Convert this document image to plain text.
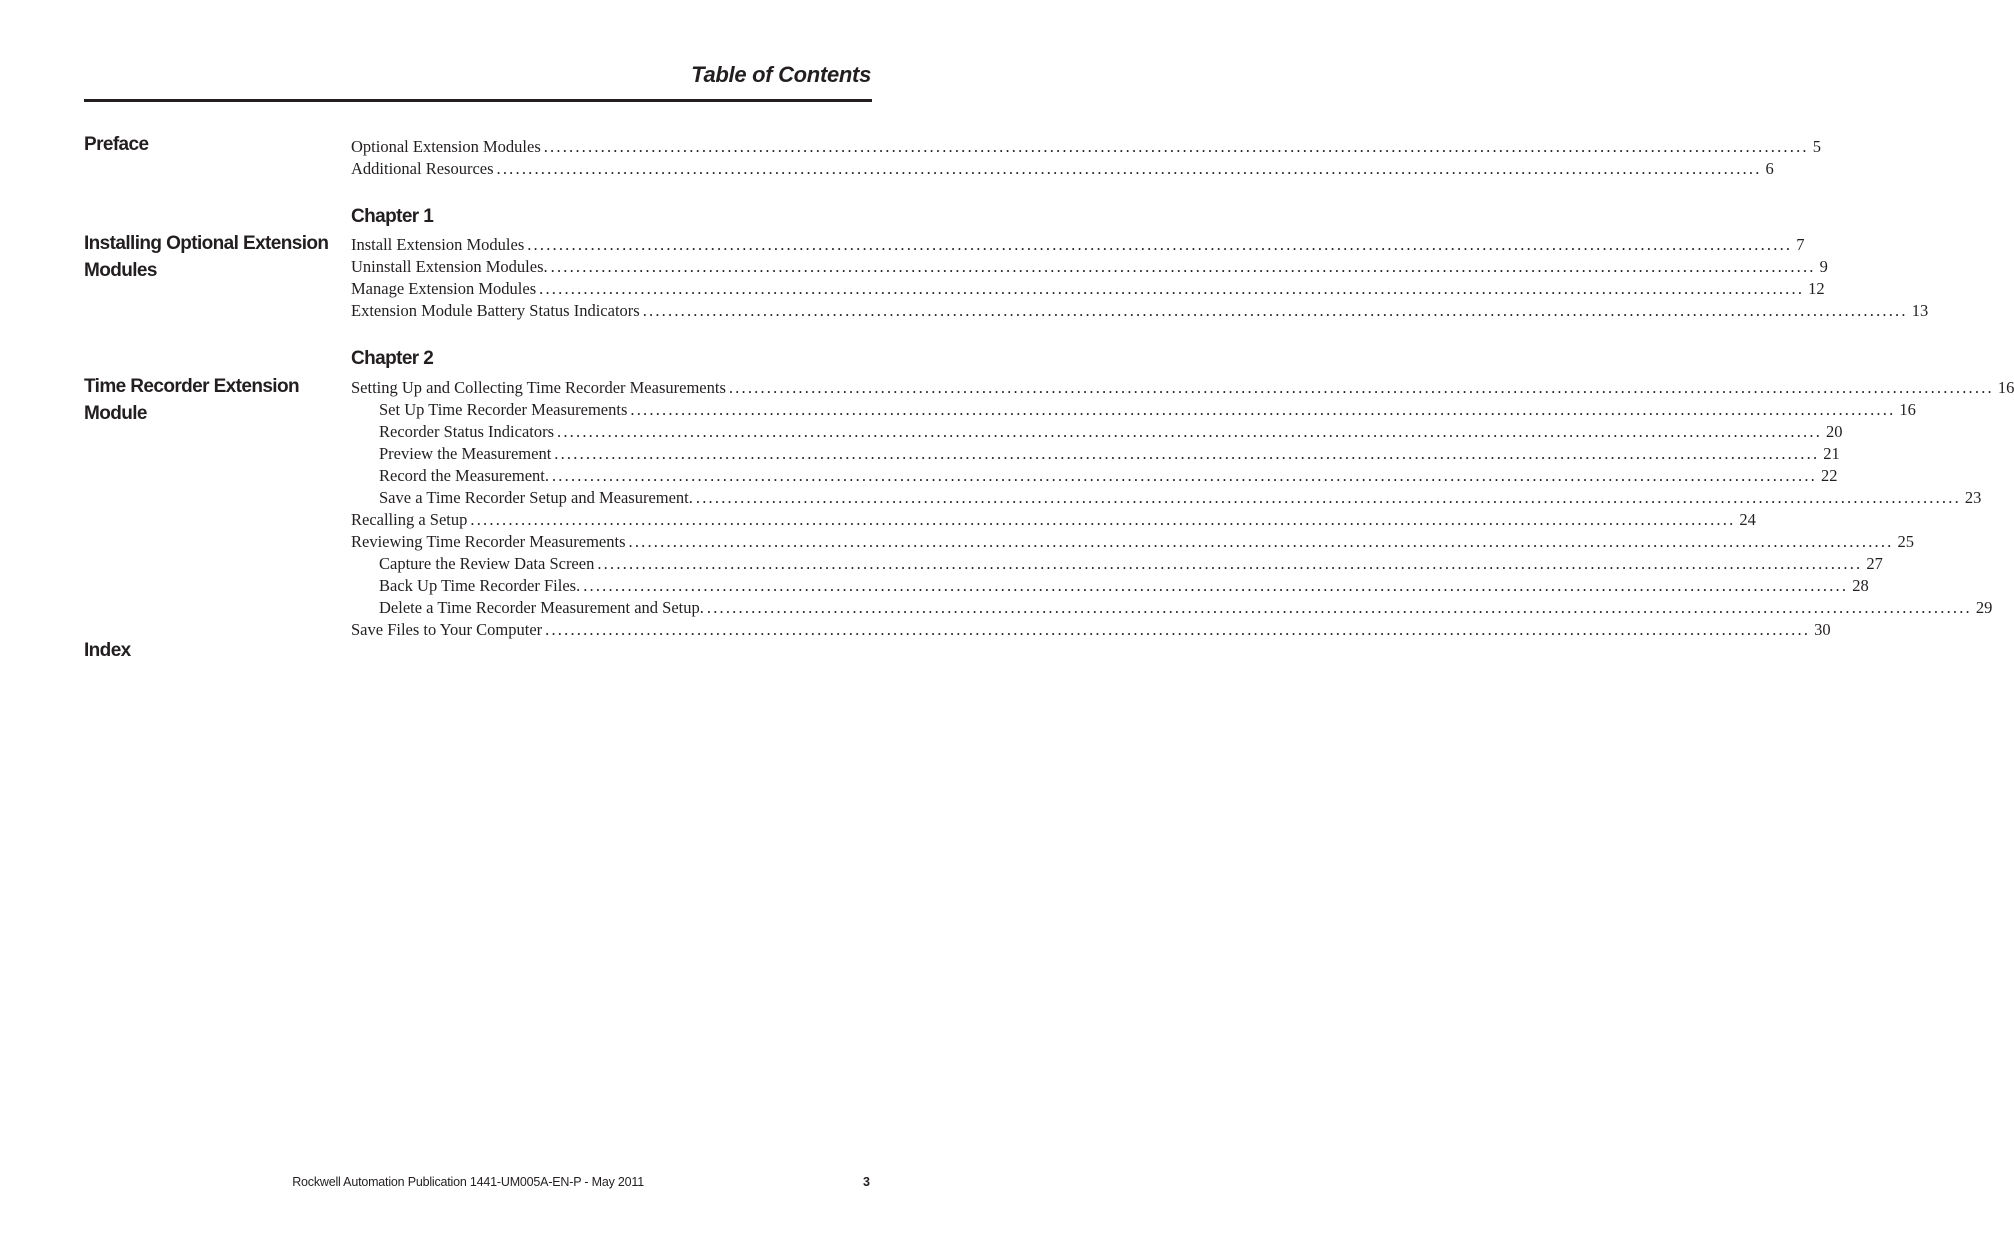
Table of Contents
Preface	Optional Extension Modules ........................................................................................................................................................................................................ 5
Additional Resources ........................................................................................................................................................................................................ 6
Chapter 1
Installing Optional Extension Modules
Install Extension Modules ........................................................................................................................................................................................................ 7
Uninstall Extension Modules. ........................................................................................................................................................................................................ 9
Manage Extension Modules ........................................................................................................................................................................................................ 12
Extension Module Battery Status Indicators ........................................................................................................................................................................................................ 13
Chapter 2
Time Recorder Extension Module
Setting Up and Collecting Time Recorder Measurements ........................................................................................................................................................................................................ 16
Set Up Time Recorder Measurements ........................................................................................................................................................................................................ 16
Recorder Status Indicators ........................................................................................................................................................................................................ 20
Preview the Measurement ........................................................................................................................................................................................................ 21
Record the Measurement. ........................................................................................................................................................................................................ 22
Save a Time Recorder Setup and Measurement. ........................................................................................................................................................................................................ 23
Recalling a Setup ........................................................................................................................................................................................................ 24
Reviewing Time Recorder Measurements ........................................................................................................................................................................................................ 25
Capture the Review Data Screen ........................................................................................................................................................................................................ 27
Back Up Time Recorder Files. ........................................................................................................................................................................................................ 28
Delete a Time Recorder Measurement and Setup. ........................................................................................................................................................................................................ 29
Save Files to Your Computer ........................................................................................................................................................................................................ 30
Index
Rockwell Automation Publication 1441-UM005A-EN-P - May 2011	3
